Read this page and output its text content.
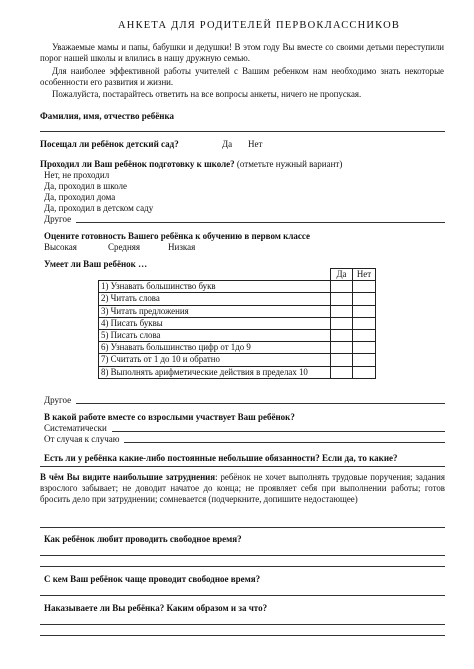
АНКЕТА ДЛЯ РОДИТЕЛЕЙ ПЕРВОКЛАССНИКОВ
Уважаемые мамы и папы, бабушки и дедушки! В этом году Вы вместе со своими детьми переступили порог нашей школы и влились в нашу дружную семью.
Для наиболее эффективной работы учителей с Вашим ребенком нам необходимо знать некоторые особенности его развития и жизни.
Пожалуйста, постарайтесь ответить на все вопросы анкеты, ничего не пропуская.
Фамилия, имя, отчество ребёнка
Посещал ли ребёнок детский сад?	Да Нет
Проходил ли Ваш ребёнок подготовку к школе? (отметьте нужный вариант)
Нет, не проходил
Да, проходил в школе
Да, проходил дома
Да, проходил в детском саду
Другое
Оцените готовность Вашего ребёнка к обучению в первом классе
Высокая	Средняя	Низкая
Умеет ли Ваш ребёнок …
	Да	Нет
1) Узнавать большинство букв		
2) Читать слова		
3) Читать предложения		
4) Писать буквы		
5) Писать слова		
6) Узнавать большинство цифр от 1до 9		
7) Считать от 1 до 10 и обратно		
8) Выполнять арифметические действия в пределах 10		
Другое
В какой работе вместе со взрослыми участвует Ваш ребёнок?
Систематически
От случая к случаю
Есть ли у ребёнка какие-либо постоянные небольшие обязанности? Если да, то какие?
В чём Вы видите наибольшие затруднения: ребёнок не хочет выполнять трудовые поручения; задания взрослого забывает; не доводит начатое до конца; не проявляет себя при выполнении работы; готов бросить дело при затруднении; сомневается (подчеркните, допишите недостающее)
Как ребёнок любит проводить свободное время?
С кем Ваш ребёнок чаще проводит свободное время?
Наказываете ли Вы ребёнка? Каким образом и за что?
